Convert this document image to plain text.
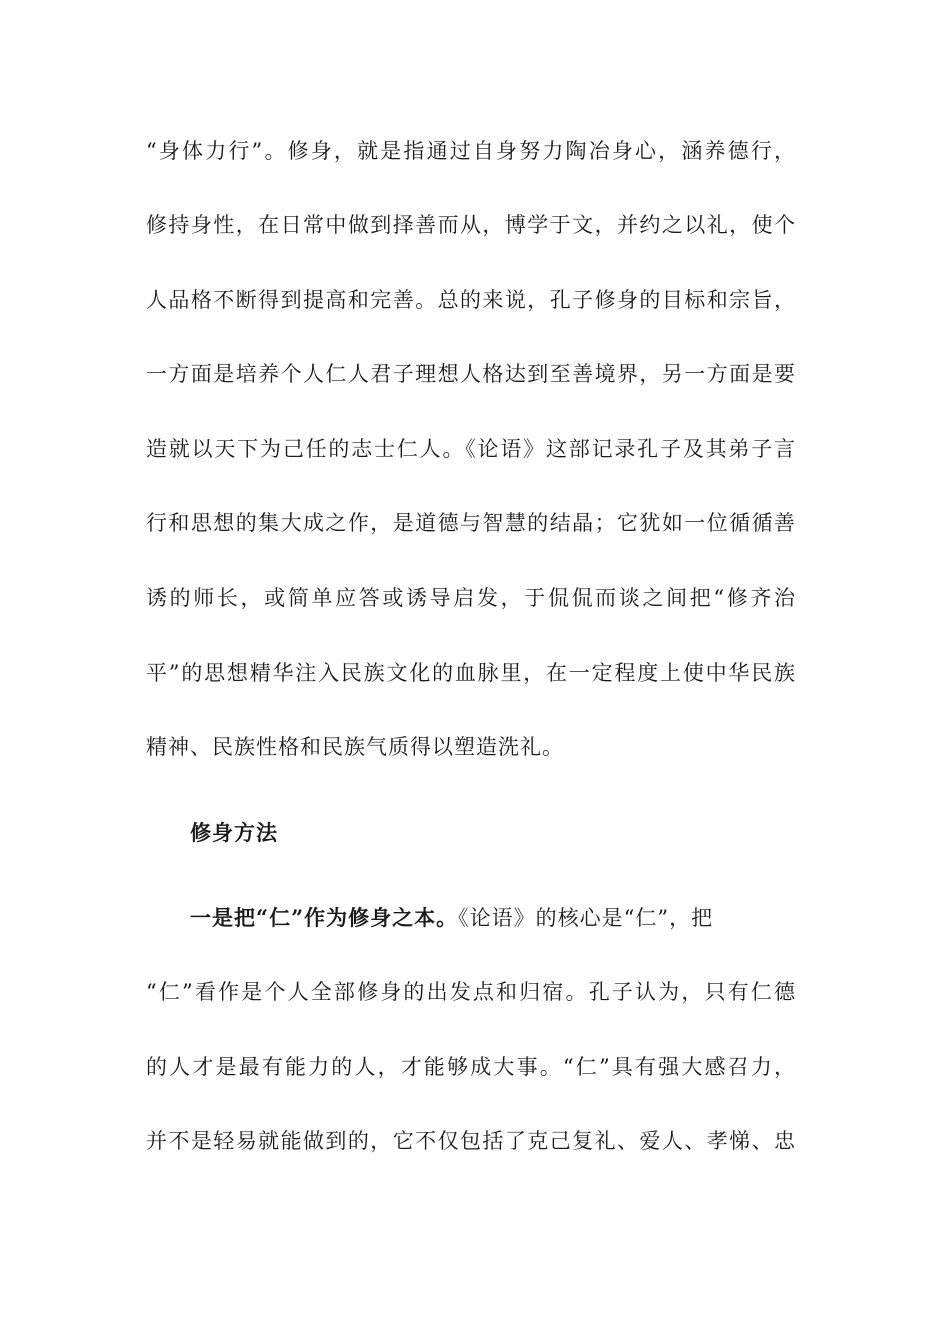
“身体力行”。修身，就是指通过自身努力陶冶身心，涵养德行，
修持身性，在日常中做到择善而从，博学于文，并约之以礼，使个
人品格不断得到提高和完善。总的来说，孔子修身的目标和宗旨，
一方面是培养个人仁人君子理想人格达到至善境界，另一方面是要
造就以天下为己任的志士仁人。《论语》这部记录孔子及其弟子言
行和思想的集大成之作，是道德与智慧的结晶；它犹如一位循循善
诱的师长，或简单应答或诱导启发，于侃侃而谈之间把“修齐治
平”的思想精华注入民族文化的血脉里，在一定程度上使中华民族
精神、民族性格和民族气质得以塑造洗礼。
修身方法
一是把“仁”作为修身之本。《论语》的核心是“仁”，把
“仁”看作是个人全部修身的出发点和归宿。孔子认为，只有仁德
的人才是最有能力的人，才能够成大事。“仁”具有强大感召力，
并不是轻易就能做到的，它不仅包括了克己复礼、爱人、孝悌、忠
